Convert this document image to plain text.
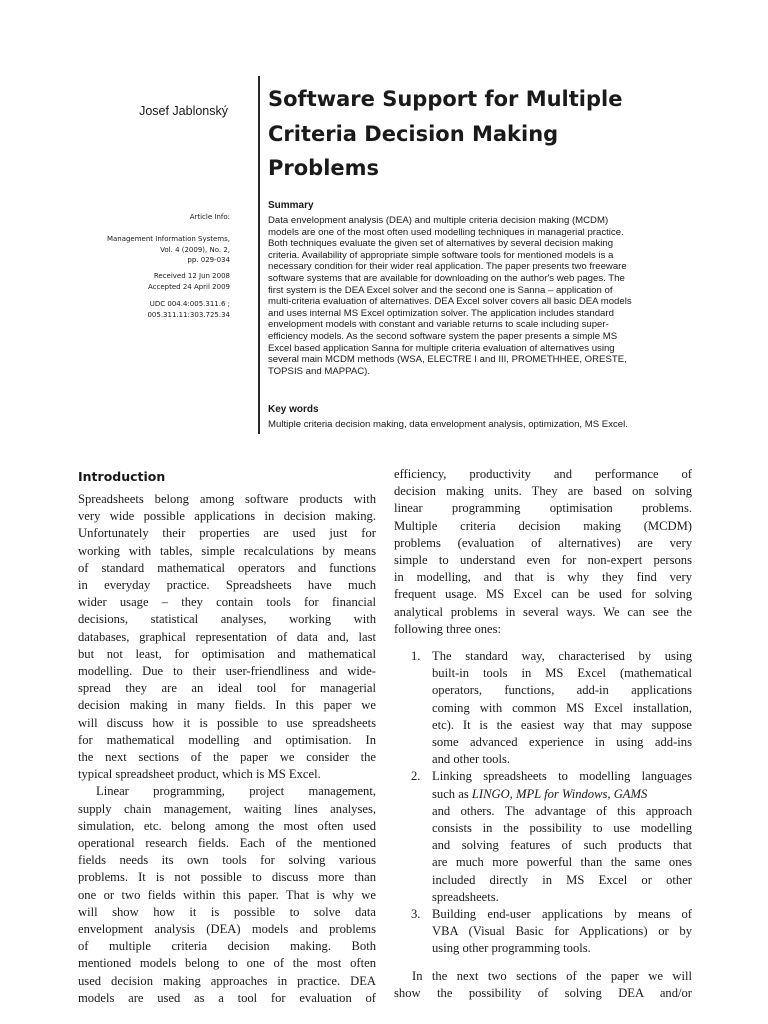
Josef Jablonský
Article Info:
Management Information Systems,
Vol. 4 (2009), No. 2,
pp. 029-034
Received 12 Jun 2008
Accepted 24 April 2009
UDC 004.4:005.311.6 ;
005.311.11:303.725.34
Software Support for Multiple
Criteria Decision Making
Problems
Summary
Data envelopment analysis (DEA) and multiple criteria decision making (MCDM)
models are one of the most often used modelling techniques in managerial practice.
Both techniques evaluate the given set of alternatives by several decision making
criteria. Availability of appropriate simple software tools for mentioned models is a
necessary condition for their wider real application. The paper presents two freeware
software systems that are available for downloading on the author's web pages. The
first system is the DEA Excel solver and the second one is Sanna – application of
multi-criteria evaluation of alternatives. DEA Excel solver covers all basic DEA models
and uses internal MS Excel optimization solver. The application includes standard
envelopment models with constant and variable returns to scale including super-
efficiency models. As the second software system the paper presents a simple MS
Excel based application Sanna for multiple criteria evaluation of alternatives using
several main MCDM methods (WSA, ELECTRE I and III, PROMETHHEE, ORESTE,
TOPSIS and MAPPAC).
Key words
Multiple criteria decision making, data envelopment analysis, optimization, MS Excel.
Introduction
Spreadsheets belong among software products with
very wide possible applications in decision making.
Unfortunately their properties are used just for
working with tables, simple recalculations by means
of standard mathematical operators and functions
in everyday practice. Spreadsheets have much
wider usage – they contain tools for financial
decisions, statistical analyses, working with
databases, graphical representation of data and, last
but not least, for optimisation and mathematical
modelling. Due to their user-friendliness and wide-
spread they are an ideal tool for managerial
decision making in many fields. In this paper we
will discuss how it is possible to use spreadsheets
for mathematical modelling and optimisation. In
the next sections of the paper we consider the
typical spreadsheet product, which is MS Excel.
Linear programming, project management,
supply chain management, waiting lines analyses,
simulation, etc. belong among the most often used
operational research fields. Each of the mentioned
fields needs its own tools for solving various
problems. It is not possible to discuss more than
one or two fields within this paper. That is why we
will show how it is possible to solve data
envelopment analysis (DEA) models and problems
of multiple criteria decision making. Both
mentioned models belong to one of the most often
used decision making approaches in practice. DEA
models are used as a tool for evaluation of
efficiency, productivity and performance of
decision making units. They are based on solving
linear programming optimisation problems.
Multiple criteria decision making (MCDM)
problems (evaluation of alternatives) are very
simple to understand even for non-expert persons
in modelling, and that is why they find very
frequent usage. MS Excel can be used for solving
analytical problems in several ways. We can see the
following three ones:
1. The standard way, characterised by using
built-in tools in MS Excel (mathematical
operators, functions, add-in applications
coming with common MS Excel installation,
etc). It is the easiest way that may suppose
some advanced experience in using add-ins
and other tools.
2. Linking spreadsheets to modelling languages
such as LINGO, MPL for Windows, GAMS
and others. The advantage of this approach
consists in the possibility to use modelling
and solving features of such products that
are much more powerful than the same ones
included directly in MS Excel or other
spreadsheets.
3. Building end-user applications by means of
VBA (Visual Basic for Applications) or by
using other programming tools.
In the next two sections of the paper we will
show the possibility of solving DEA and/or
